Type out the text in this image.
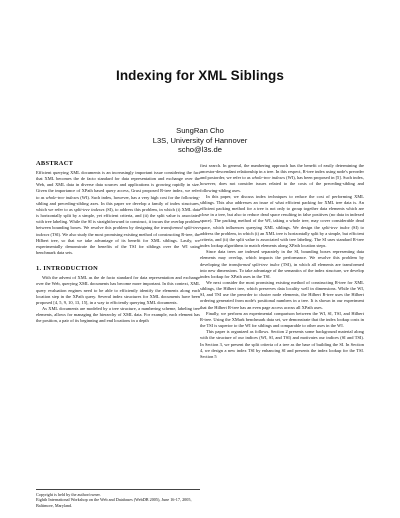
Indexing for XML Siblings
SungRan Cho
L3S, University of Hannover
scho@l3s.de
ABSTRACT

Efficient querying XML documents is an increasingly important issue considering the fact that XML becomes the de facto standard for data representation and exchange over the Web, and XML data in diverse data sources and applications is growing rapidly in size. Given the importance of XPath based query access, Grust proposed R-tree index, we refer to as whole-tree indexes (WI). Such index, however, has a very high cost for the following-sibling and preceding-sibling axes. In this paper we develop a family of index structures, which we refer to as split-tree indexes (SI), to address this problem, in which (i) XML data is horizontally split by a simple, yet efficient criteria, and (ii) the split value is associated with tree labeling. While the SI is straightforward to construct, it incurs the overlap problem between bounding boxes. We resolve this problem by designing the transformed split-tree indexes (TSI). We also study the most promising existing method of constructing R-tree, the Hilbert tree, so that we take advantage of its benefit for XML siblings. Lastly, we experimentally demonstrate the benefits of the TSI for siblings over the WI using benchmark data sets.

1. INTRODUCTION

With the advent of XML as the de facto standard for data representation and exchange over the Web, querying XML documents has become more important. In this context, XML query evaluation engines need to be able to efficiently identify the elements along each location step in the XPath query. Several index structures for XML documents have been proposed [4, 5, 9, 10, 13, 15], in a way to efficiently querying XML documents.

As XML documents are modeled by a tree structure, a numbering scheme, labeling tree elements, allows for managing the hierarchy of XML data. For example, each element has the position, a pair of its beginning and end locations in a depth

Copyright is held by the author/owner.
Eighth International Workshop on the Web and Databases (WebDB 2005), June 16-17, 2005, Baltimore, Maryland.

first search. In general, the numbering approach has the benefit of easily determining the ancestor-descendant relationship in a tree. In this respect, R-tree index using node's preorder and postorder, we refer to as whole-tree indexes (WI), has been proposed in [5]. Such index, however, does not consider issues related to the costs of the preceding-sibling and following-sibling axes.

In this paper, we discuss index techniques to reduce the cost of performing XML siblings. This also addresses an issue of what efficient packing for XML tree data is. An efficient packing method for a tree is not only to group together data elements which are close in a tree, but also to reduce dead space resulting in false positives (no data in indexed space). The packing method of the WI, taking a whole tree, may cover considerable dead space, which influences querying XML siblings. We design the split-tree index (SI) to address the problem, in which (i) an XML tree is horizontally split by a simple, but efficient criteria, and (ii) the split value is associated with tree labeling. The SI uses standard R-tree index lookup algorithms to match elements along XPath location steps.

Since data trees are indexed separately in the SI, bounding boxes representing data elements may overlap, which impacts the performance. We resolve this problem by developing the transformed split-tree index (TSI), in which all elements are transformed into new dimensions. To take advantage of the semantics of the index structure, we develop index lookup for XPath axes in the TSI.

We next consider the most promising existing method of constructing R-tree for XML siblings, the Hilbert tree, which preserves data locality well in dimensions. While the WI, SI, and TSI use the preorder to cluster node elements, the Hilbert R-tree uses the Hilbert ordering generated from node's positional numbers in a tree. It is shown in our experiment that the Hilbert R-tree has an even page access across all XPath axes.

Finally, we perform an experimental comparison between the WI, SI, TSI, and Hilbert R-tree. Using the XMark benchmark data set, we demonstrate that the index lookup costs in the TSI is superior to the WI for siblings and comparable to other axes in the WI.

This paper is organized as follows. Section 2 presents some background material along with the structure of our indices (WI, SI, and TSI) and motivates our indices (SI and TSI). In Section 3, we present the split criteria of a tree as the base of building the SI. In Section 4, we design a new index TSI by enhancing SI and presents the index lookup for the TSI. Section 5
